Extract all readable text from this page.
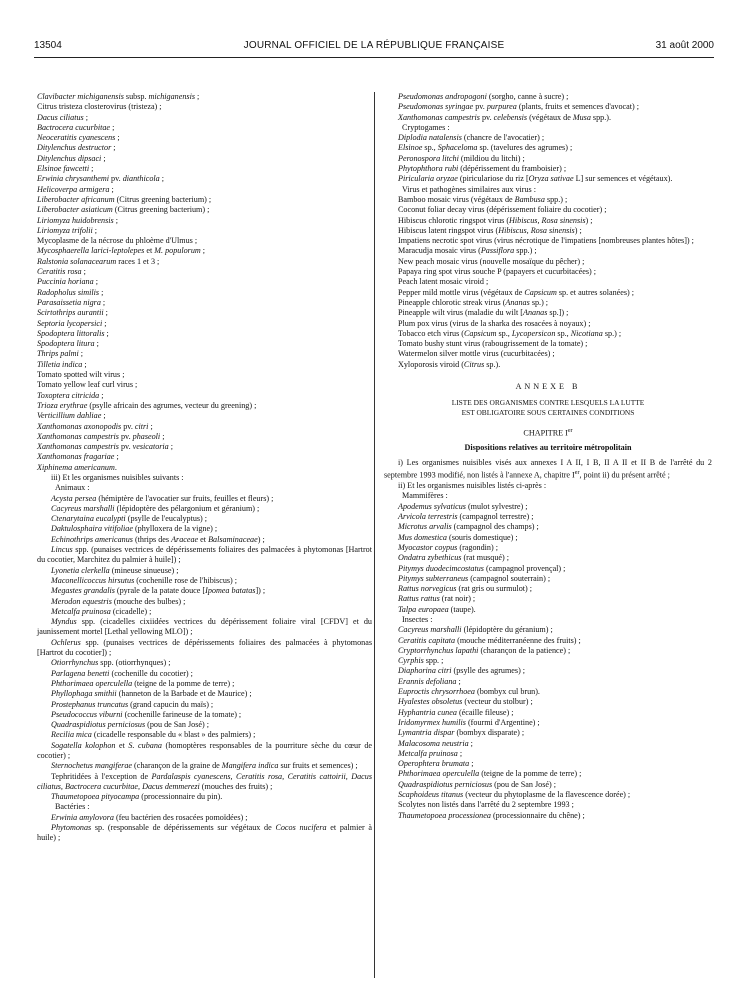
13504	JOURNAL OFFICIEL DE LA RÉPUBLIQUE FRANÇAISE	31 août 2000
Clavibacter michiganensis subsp. michiganensis ;
Citrus tristeza closterovirus (tristeza) ;
Dacus ciliatus ;
Bactrocera cucurbitae ;
Neoceratitis cyanescens ;
Ditylenchus destructor ;
Ditylenchus dipsaci ;
Elsinoe fawcetti ;
Erwinia chrysanthemi pv. dianthicola ;
Helicoverpa armigera ;
Liberobacter africanum (Citrus greening bacterium) ;
Liberobacter asiaticum (Citrus greening bacterium) ;
Liriomyza huidobrensis ;
Liriomyza trifolii ;
Mycoplasme de la nécrose du phloème d'Ulmus ;
Mycosphaerella larici-leptolepes et M. populorum ;
Ralstonia solanacearum races 1 et 3 ;
Ceratitis rosa ;
Puccinia horiana ;
Radopholus similis ;
Parasaissetia nigra ;
Scirtothrips aurantii ;
Septoria lycopersici ;
Spodoptera littoralis ;
Spodoptera litura ;
Thrips palmi ;
Tilletia indica ;
Tomato spotted wilt virus ;
Tomato yellow leaf curl virus ;
Toxoptera citricida ;
Trioza erythrae (psylle africain des agrumes, vecteur du greening) ;
Verticillium dahliae ;
Xanthomonas axonopodis pv. citri ;
Xanthomonas campestris pv. phaseoli ;
Xanthomonas campestris pv. vesicatoria ;
Xanthomonas fragariae ;
Xiphinema americanum.
iii) Et les organismes nuisibles suivants :
Animaux :
Acysta persea (hémiptère de l'avocatier sur fruits, feuilles et fleurs) ;
Cacyreus marshalli (lépidoptère des pélargonium et géranium) ;
Ctenarytaina eucalypti (psylle de l'eucalyptus) ;
Daktulosphaira vitifoliae (phylloxera de la vigne) ;
Echinothrips americanus (thrips des Araceae et Balsaminaceae) ;
Lincus spp. (punaises vectrices de dépérissements foliaires des palmacées à phytomonas [Hartrot du cocotier, Marchitez du palmier à huile]) ;
Lyonetia clerkella (mineuse sinueuse) ;
Maconellicoccus hirsutus (cochenille rose de l'hibiscus) ;
Megastes grandalis (pyrale de la patate douce [Ipomea batatas]) ;
Merodon equestris (mouche des bulbes) ;
Metcalfa pruinosa (cicadelle) ;
Myndus spp. (cicadelles cixiidées vectrices du dépérissement foliaire viral [CFDV] et du jaunissement mortel [Lethal yellowing MLO]) ;
Ochlerus spp. (punaises vectrices de dépérissements foliaires des palmacées à phytomonas [Hartrot du cocotier]) ;
Otiorrhynchus spp. (otiorrhynques) ;
Parlagena benetti (cochenille du cocotier) ;
Phthorimaea operculella (teigne de la pomme de terre) ;
Phyllophaga smithii (hanneton de la Barbade et de Maurice) ;
Prostephanus truncatus (grand capucin du maïs) ;
Pseudococcus viburni (cochenille farineuse de la tomate) ;
Quadraspidiotus perniciosus (pou de San José) ;
Recilia mica (cicadelle responsable du « blast » des palmiers) ;
Sogatella kolophon et S. cubana (homoptères responsables de la pourriture sèche du cœur de cocotier) ;
Sternochetus mangiferae (charançon de la graine de Mangifera indica sur fruits et semences) ;
Tephritidées à l'exception de Pardalaspis cyanescens, Ceratitis rosa, Ceratitis cattoirii, Dacus ciliatus, Bactrocera cucurbitae, Dacus demmerezi (mouches des fruits) ;
Thaumetopoea pityocampa (processionnaire du pin).
Bactéries :
Erwinia amylovora (feu bactérien des rosacées pomoïdées) ;
Phytomonas sp. (responsable de dépérissements sur végétaux de Cocos nucifera et palmier à huile) ;
Pseudomonas andropogoni (sorgho, canne à sucre) ;
Pseudomonas syringae pv. purpurea (plants, fruits et semences d'avocat) ;
Xanthomonas campestris pv. celebensis (végétaux de Musa spp.).
Cryptogames :
Diplodia natalensis (chancre de l'avocatier) ;
Elsinoe sp., Sphaceloma sp. (tavelures des agrumes) ;
Peronospora litchi (mildiou du litchi) ;
Phytophthora rubi (dépérissement du framboisier) ;
Piricularia oryzae (piriculariose du riz [Oryza sativae L] sur semences et végétaux).
Virus et pathogènes similaires aux virus :
Bamboo mosaic virus (végétaux de Bambusa spp.) ;
Coconut foliar decay virus (dépérissement foliaire du cocotier) ;
Hibiscus chlorotic ringspot virus (Hibiscus, Rosa sinensis) ;
Hibiscus latent ringspot virus (Hibiscus, Rosa sinensis) ;
Impatiens necrotic spot virus (virus nécrotique de l'impatiens [nombreuses plantes hôtes]) ;
Maracudja mosaic virus (Passiflora spp.) ;
New peach mosaic virus (nouvelle mosaïque du pêcher) ;
Papaya ring spot virus souche P (papayers et cucurbitacées) ;
Peach latent mosaic viroid ;
Pepper mild mottle virus (végétaux de Capsicum sp. et autres solanées) ;
Pineapple chlorotic streak virus (Ananas sp.) ;
Pineapple wilt virus (maladie du wilt [Ananas sp.]) ;
Plum pox virus (virus de la sharka des rosacées à noyaux) ;
Tobacco etch virus (Capsicum sp., Lycopersicon sp., Nicotiana sp.) ;
Tomato bushy stunt virus (rabougrissement de la tomate) ;
Watermelon silver mottle virus (cucurbitacées) ;
Xyloporosis viroid (Citrus sp.).
ANNEXE B
LISTE DES ORGANISMES CONTRE LESQUELS LA LUTTE
EST OBLIGATOIRE SOUS CERTAINES CONDITIONS
CHAPITRE Ier
Dispositions relatives au territoire métropolitain
i) Les organismes nuisibles visés aux annexes I A II, I B, II A II et II B de l'arrêté du 2 septembre 1993 modifié, non listés à l'annexe A, chapitre Ier, point ii) du présent arrêté ;
ii) Et les organismes nuisibles listés ci-après :
Mammifères :
Apodemus sylvaticus (mulot sylvestre) ;
Arvicola terrestris (campagnol terrestre) ;
Microtus arvalis (campagnol des champs) ;
Mus domestica (souris domestique) ;
Myocastor coypus (ragondin) ;
Ondatra zybethicus (rat musqué) ;
Pitymys duodecimcostatus (campagnol provençal) ;
Pitymys subterraneus (campagnol souterrain) ;
Rattus norvegicus (rat gris ou surmulot) ;
Rattus rattus (rat noir) ;
Talpa europaea (taupe).
Insectes :
Cacyreus marshalli (lépidoptère du géranium) ;
Ceratitis capitata (mouche méditerranéenne des fruits) ;
Cryptorrhynchus lapathi (charançon de la patience) ;
Cyrphis spp. ;
Diaphorina citri (psylle des agrumes) ;
Erannis defoliana ;
Euproctis chrysorrhoea (bombyx cul brun).
Hyalestes obsoletus (vecteur du stolbur) ;
Hyphantria cunea (écaille fileuse) ;
Iridomyrmex humilis (fourmi d'Argentine) ;
Lymantria dispar (bombyx disparate) ;
Malacosoma neustria ;
Metcalfa pruinosa ;
Operophtera brumata ;
Phthorimaea operculella (teigne de la pomme de terre) ;
Quadraspidiotus perniciosus (pou de San José) ;
Scaphoideus titanus (vecteur du phytoplasme de la flavescence dorée) ;
Scolytes non listés dans l'arrêté du 2 septembre 1993 ;
Thaumetopoea processionea (processionnaire du chêne) ;
